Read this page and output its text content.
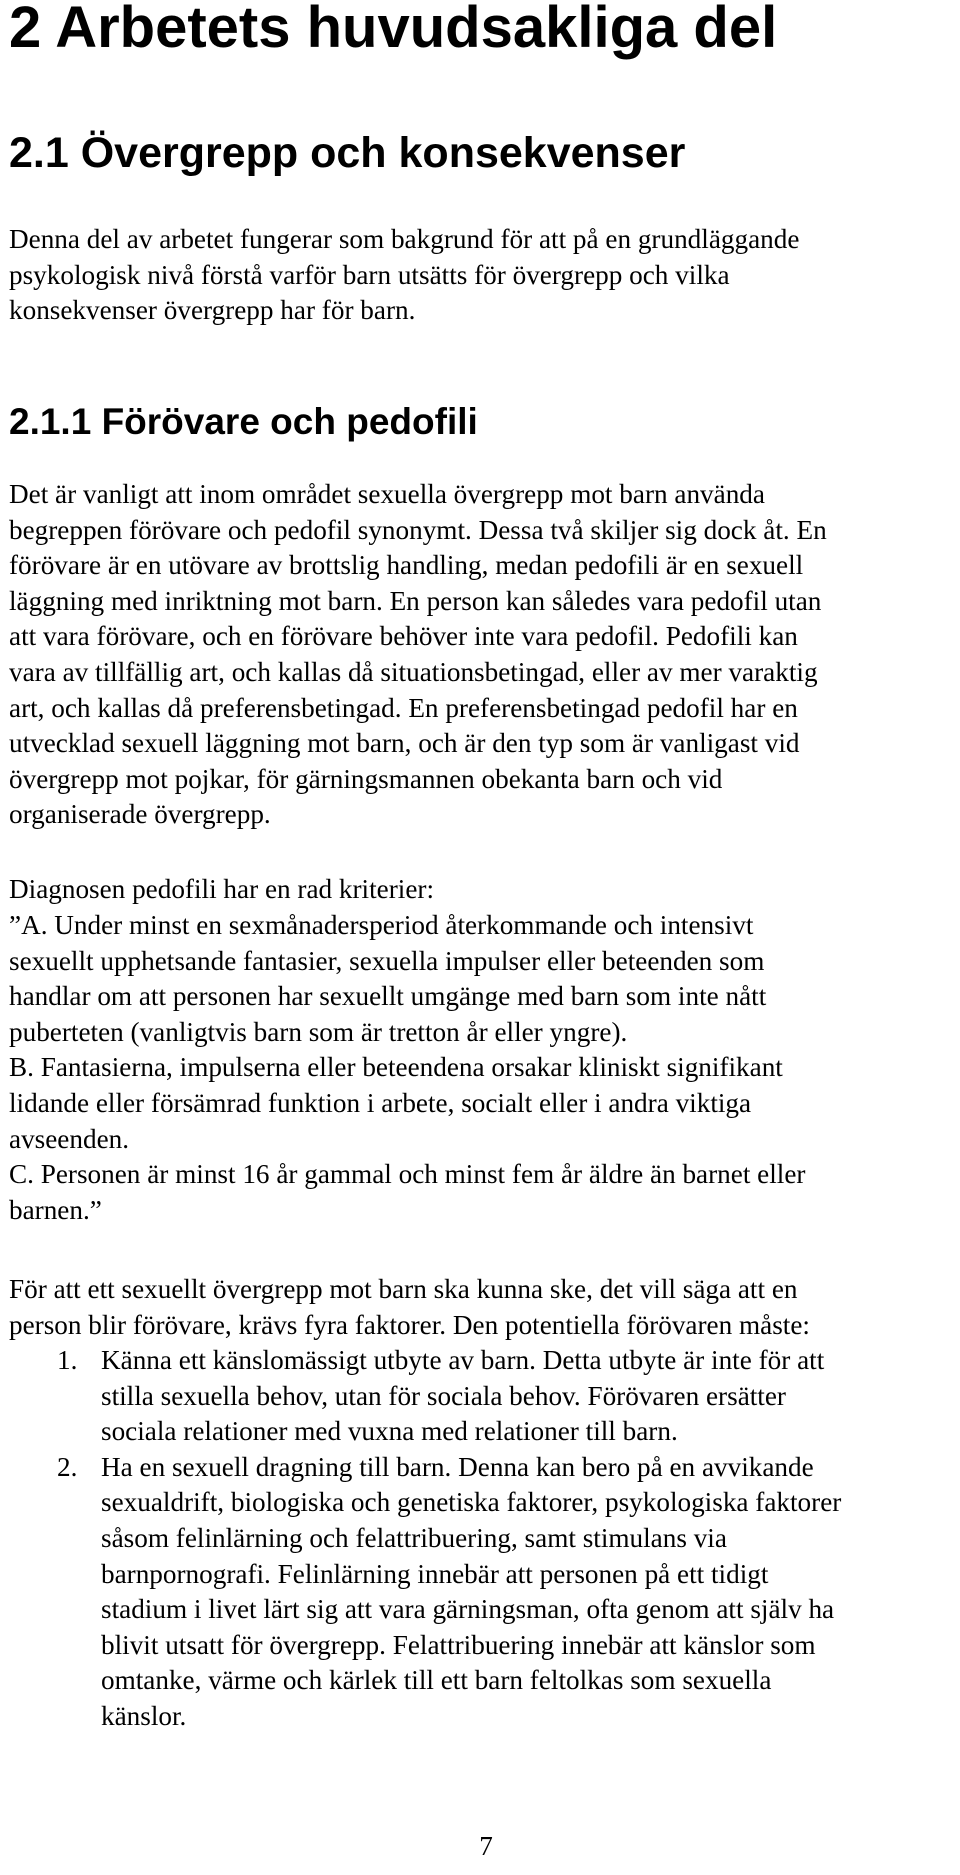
2 Arbetets huvudsakliga del
2.1 Övergrepp och konsekvenser

Denna del av arbetet fungerar som bakgrund för att på en grundläggande
psykologisk nivå förstå varför barn utsätts för övergrepp och vilka
konsekvenser övergrepp har för barn.

2.1.1 Förövare och pedofili

Det är vanligt att inom området sexuella övergrepp mot barn använda
begreppen förövare och pedofil synonymt. Dessa två skiljer sig dock åt. En
förövare är en utövare av brottslig handling, medan pedofili är en sexuell
läggning med inriktning mot barn. En person kan således vara pedofil utan
att vara förövare, och en förövare behöver inte vara pedofil. Pedofili kan
vara av tillfällig art, och kallas då situationsbetingad, eller av mer varaktig
art, och kallas då preferensbetingad. En preferensbetingad pedofil har en
utvecklad sexuell läggning mot barn, och är den typ som är vanligast vid
övergrepp mot pojkar, för gärningsmannen obekanta barn och vid
organiserade övergrepp.

Diagnosen pedofili har en rad kriterier:

”A. Under minst en sexmånadersperiod återkommande och intensivt
sexuellt upphetsande fantasier, sexuella impulser eller beteenden som
handlar om att personen har sexuellt umgänge med barn som inte nått
puberteten (vanligtvis barn som är tretton år eller yngre).
B. Fantasierna, impulserna eller beteendena orsakar kliniskt signifikant
lidande eller försämrad funktion i arbete, socialt eller i andra viktiga
avseenden.
C. Personen är minst 16 år gammal och minst fem år äldre än barnet eller
barnen.”

För att ett sexuellt övergrepp mot barn ska kunna ske, det vill säga att en
person blir förövare, krävs fyra faktorer. Den potentiella förövaren måste:

1. Känna ett känslomässigt utbyte av barn. Detta utbyte är inte för att
stilla sexuella behov, utan för sociala behov. Förövaren ersätter
sociala relationer med vuxna med relationer till barn.
2. Ha en sexuell dragning till barn. Denna kan bero på en avvikande
sexualdrift, biologiska och genetiska faktorer, psykologiska faktorer
såsom felinlärning och felattribuering, samt stimulans via
barnpornografi. Felinlärning innebär att personen på ett tidigt
stadium i livet lärt sig att vara gärningsman, ofta genom att själv ha
blivit utsatt för övergrepp. Felattribuering innebär att känslor som
omtanke, värme och kärlek till ett barn feltolkas som sexuella
känslor.
7
